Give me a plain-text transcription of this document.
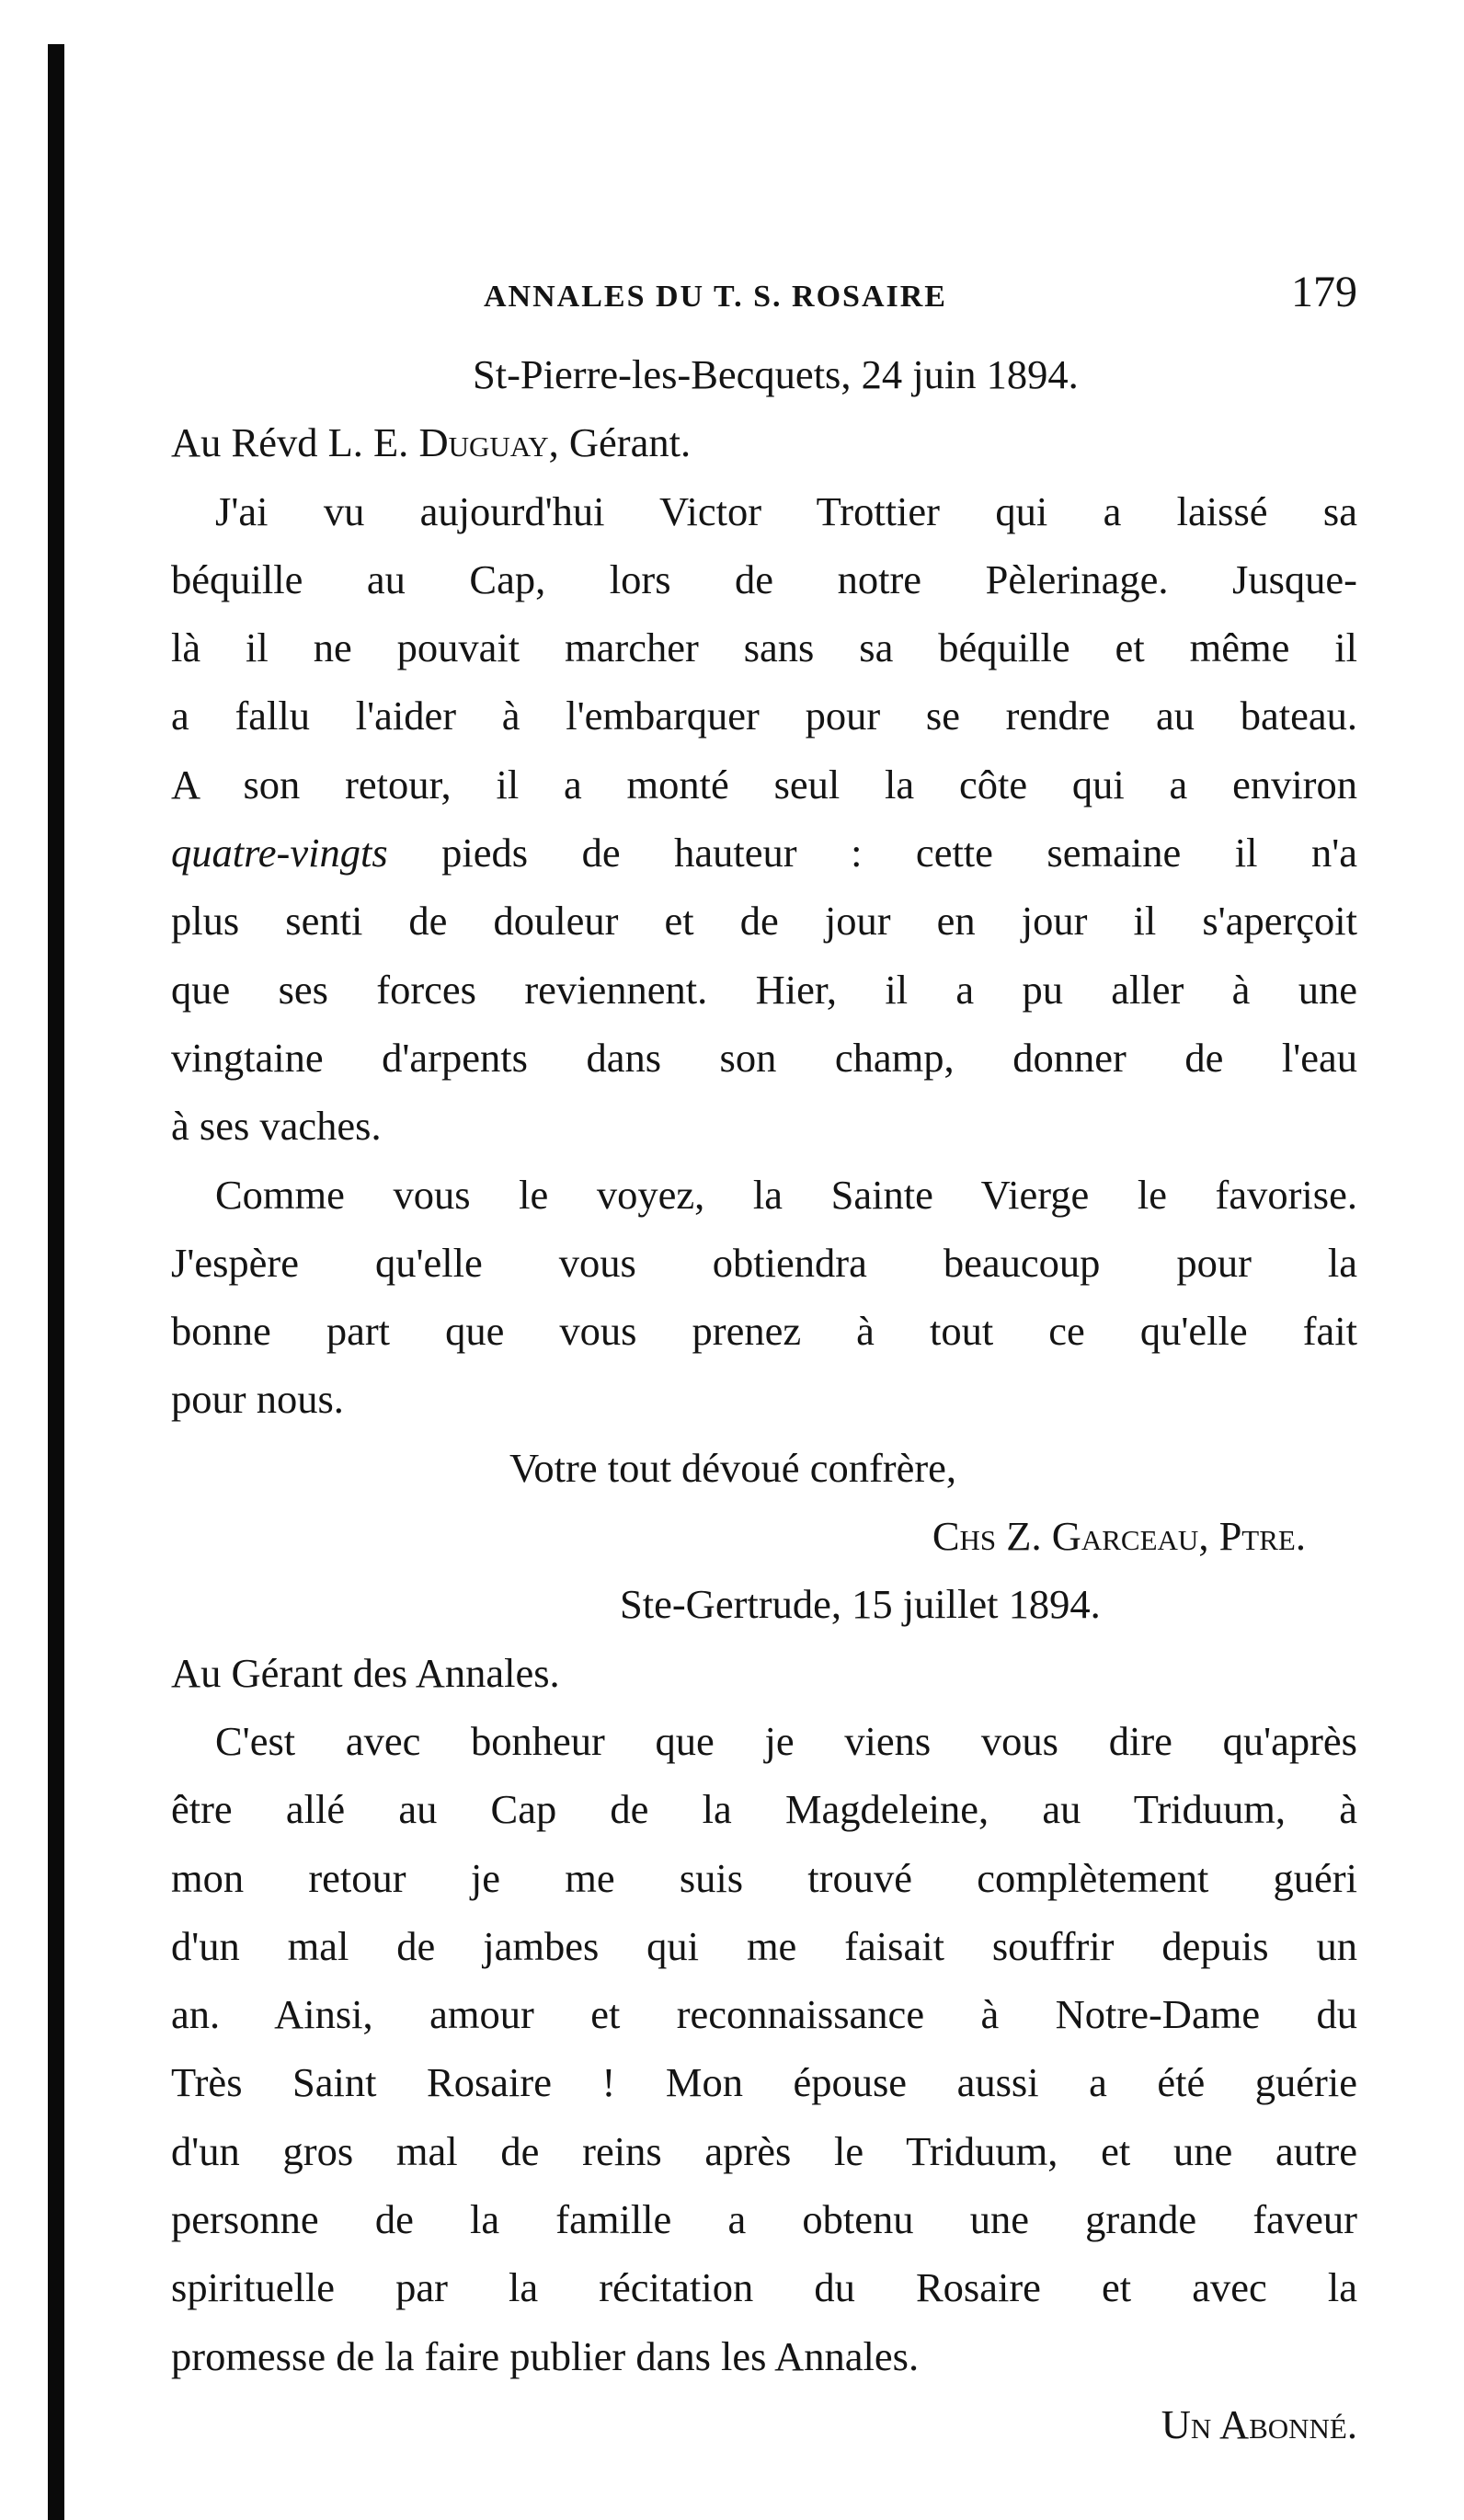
ANNALES DU T. S. ROSAIRE	179
St-Pierre-les-Becquets, 24 juin 1894.
Au Révd L. E. Duguay, Gérant.
J'ai vu aujourd'hui Victor Trottier qui a laissé sa
béquille au Cap, lors de notre Pèlerinage. Jusque-
là il ne pouvait marcher sans sa béquille et même il
a fallu l'aider à l'embarquer pour se rendre au bateau.
A son retour, il a monté seul la côte qui a environ
quatre-vingts pieds de hauteur : cette semaine il n'a
plus senti de douleur et de jour en jour il s'aperçoit
que ses forces reviennent. Hier, il a pu aller à une
vingtaine d'arpents dans son champ, donner de l'eau
à ses vaches.
Comme vous le voyez, la Sainte Vierge le favorise.
J'espère qu'elle vous obtiendra beaucoup pour la
bonne part que vous prenez à tout ce qu'elle fait
pour nous.
Votre tout dévoué confrère,
Chs Z. Garceau, Ptre.
Ste-Gertrude, 15 juillet 1894.
Au Gérant des Annales.
C'est avec bonheur que je viens vous dire qu'après
être allé au Cap de la Magdeleine, au Triduum, à
mon retour je me suis trouvé complètement guéri
d'un mal de jambes qui me faisait souffrir depuis un
an. Ainsi, amour et reconnaissance à Notre-Dame du
Très Saint Rosaire ! Mon épouse aussi a été guérie
d'un gros mal de reins après le Triduum, et une autre
personne de la famille a obtenu une grande faveur
spirituelle par la récitation du Rosaire et avec la
promesse de la faire publier dans les Annales.
Un Abonné.
